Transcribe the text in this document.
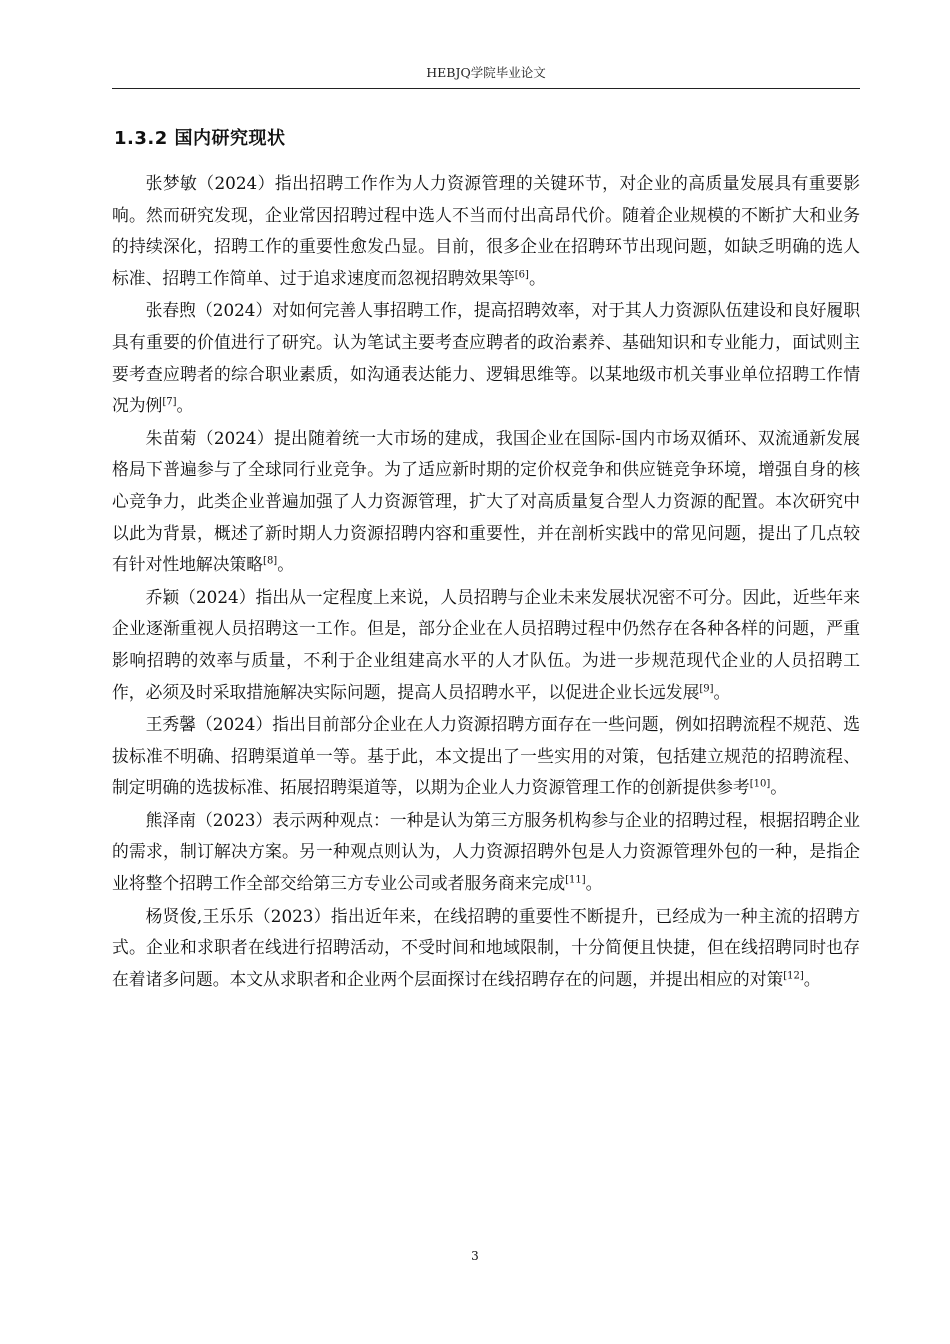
HEBJQ学院毕业论文
1.3.2 国内研究现状

张梦敏（2024）指出招聘工作作为人力资源管理的关键环节，对企业的高质量发展具有重要影响。然而研究发现，企业常因招聘过程中选人不当而付出高昂代价。随着企业规模的不断扩大和业务的持续深化，招聘工作的重要性愈发凸显。目前，很多企业在招聘环节出现问题，如缺乏明确的选人标准、招聘工作简单、过于追求速度而忽视招聘效果等[6]。

张春煦（2024）对如何完善人事招聘工作，提高招聘效率，对于其人力资源队伍建设和良好履职具有重要的价值进行了研究。认为笔试主要考查应聘者的政治素养、基础知识和专业能力，面试则主要考查应聘者的综合职业素质，如沟通表达能力、逻辑思维等。以某地级市机关事业单位招聘工作情况为例[7]。

朱苗菊（2024）提出随着统一大市场的建成，我国企业在国际-国内市场双循环、双流通新发展格局下普遍参与了全球同行业竞争。为了适应新时期的定价权竞争和供应链竞争环境，增强自身的核心竞争力，此类企业普遍加强了人力资源管理，扩大了对高质量复合型人力资源的配置。本次研究中以此为背景，概述了新时期人力资源招聘内容和重要性，并在剖析实践中的常见问题，提出了几点较有针对性地解决策略[8]。

乔颖（2024）指出从一定程度上来说，人员招聘与企业未来发展状况密不可分。因此，近些年来企业逐渐重视人员招聘这一工作。但是，部分企业在人员招聘过程中仍然存在各种各样的问题，严重影响招聘的效率与质量，不利于企业组建高水平的人才队伍。为进一步规范现代企业的人员招聘工作，必须及时采取措施解决实际问题，提高人员招聘水平，以促进企业长远发展[9]。

王秀馨（2024）指出目前部分企业在人力资源招聘方面存在一些问题，例如招聘流程不规范、选拔标准不明确、招聘渠道单一等。基于此，本文提出了一些实用的对策，包括建立规范的招聘流程、制定明确的选拔标准、拓展招聘渠道等，以期为企业人力资源管理工作的创新提供参考[10]。

熊泽南（2023）表示两种观点：一种是认为第三方服务机构参与企业的招聘过程，根据招聘企业的需求，制订解决方案。另一种观点则认为，人力资源招聘外包是人力资源管理外包的一种，是指企业将整个招聘工作全部交给第三方专业公司或者服务商来完成[11]。

杨贤俊,王乐乐（2023）指出近年来，在线招聘的重要性不断提升，已经成为一种主流的招聘方式。企业和求职者在线进行招聘活动，不受时间和地域限制，十分简便且快捷，但在线招聘同时也存在着诸多问题。本文从求职者和企业两个层面探讨在线招聘存在的问题，并提出相应的对策[12]。

3
